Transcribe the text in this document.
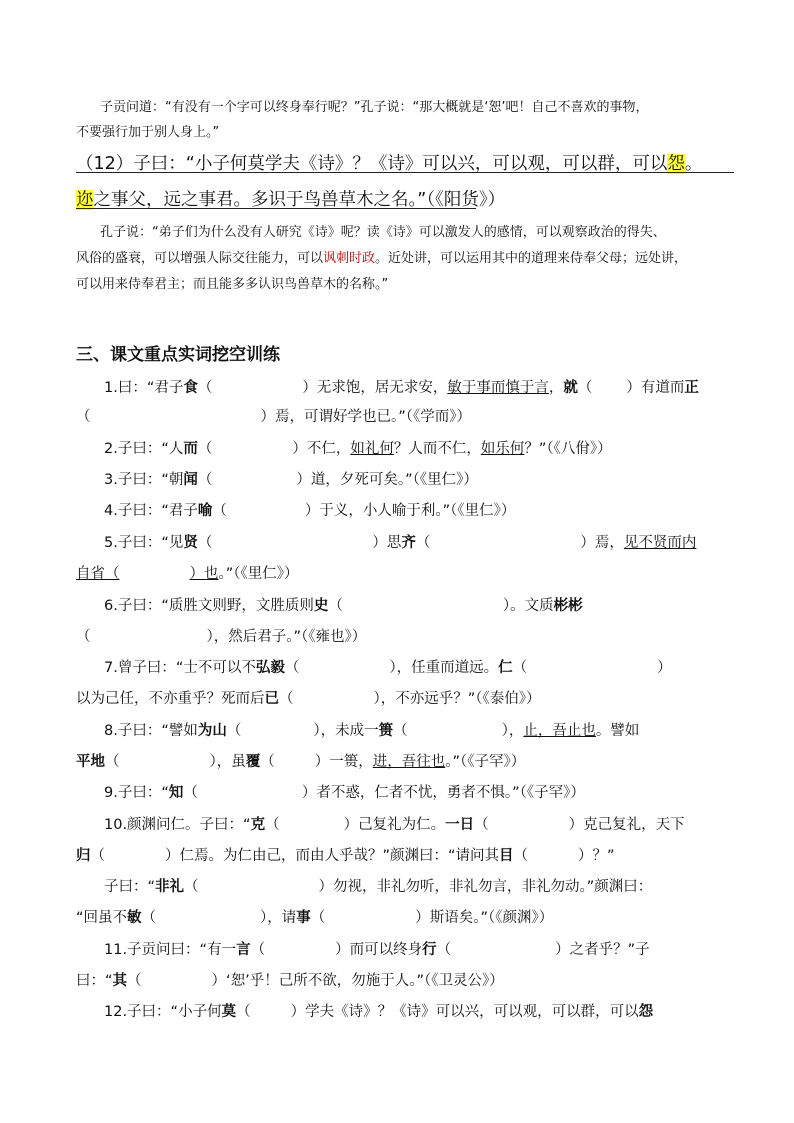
子贡问道：“有没有一个字可以终身奉行呢？”孔子说：“那大概就是‘恕’吧！自己不喜欢的事物，
不要强行加于别人身上。”
（12）子曰：“小子何莫学夫《诗》？《诗》可以兴，可以观，可以群，可以怨。
迩之事父，远之事君。多识于鸟兽草木之名。”（《阳货》）
孔子说：“弟子们为什么没有人研究《诗》呢？读《诗》可以激发人的感情，可以观察政治的得失、
风俗的盛衰，可以增强人际交往能力，可以讽刺时政。近处讲，可以运用其中的道理来侍奉父母；远处讲，
可以用来侍奉君主；而且能多多认识鸟兽草木的名称。”
三、课文重点实词挖空训练
1.曰：“君子食（	）无求饱，居无求安，敏于事而慎于言，就（ ）有道而正
（	）焉，可谓好学也已。”（《学而》）
2.子曰：“人而（	）不仁，如礼何？人而不仁，如乐何？”（《八佾》）
3.子曰：“朝闻（	）道，夕死可矣。”（《里仁》）
4.子曰：“君子喻（	）于义，小人喻于利。”（《里仁》）
5.子曰：“见贤（	）思齐（	）焉，见不贤而内
自省（	）也。”（《里仁》）
6.子曰：“质胜文则野，文胜质则史（	）。文质彬彬
（	），然后君子。”（《雍也》）
7.曾子曰：“士不可以不弘毅（	），任重而道远。仁（	）
以为己任，不亦重乎？死而后已（	），不亦远乎？”（《泰伯》）
8.子曰：“譬如为山（	），未成一篑（	），止，吾止也。譬如
平地（	），虽覆（	）一篑，进，吾往也。”（《子罕》）
9.子曰：“知（	）者不惑，仁者不忧，勇者不惧。”（《子罕》）
10.颜渊问仁。子曰：“克（	）己复礼为仁。一日（	）克己复礼，天下
归（	）仁焉。为仁由己，而由人乎哉？”颜渊曰：“请问其目（	）？”
子曰：“非礼（	）勿视，非礼勿听，非礼勿言，非礼勿动。”颜渊曰：
“回虽不敏（	），请事（	）斯语矣。”（《颜渊》）
11.子贡问曰：“有一言（	）而可以终身行（	）之者乎？”子
曰：“其（	）‘恕’乎！己所不欲，勿施于人。”（《卫灵公》）
12.子曰：“小子何莫（	）学夫《诗》？《诗》可以兴，可以观，可以群，可以怨
